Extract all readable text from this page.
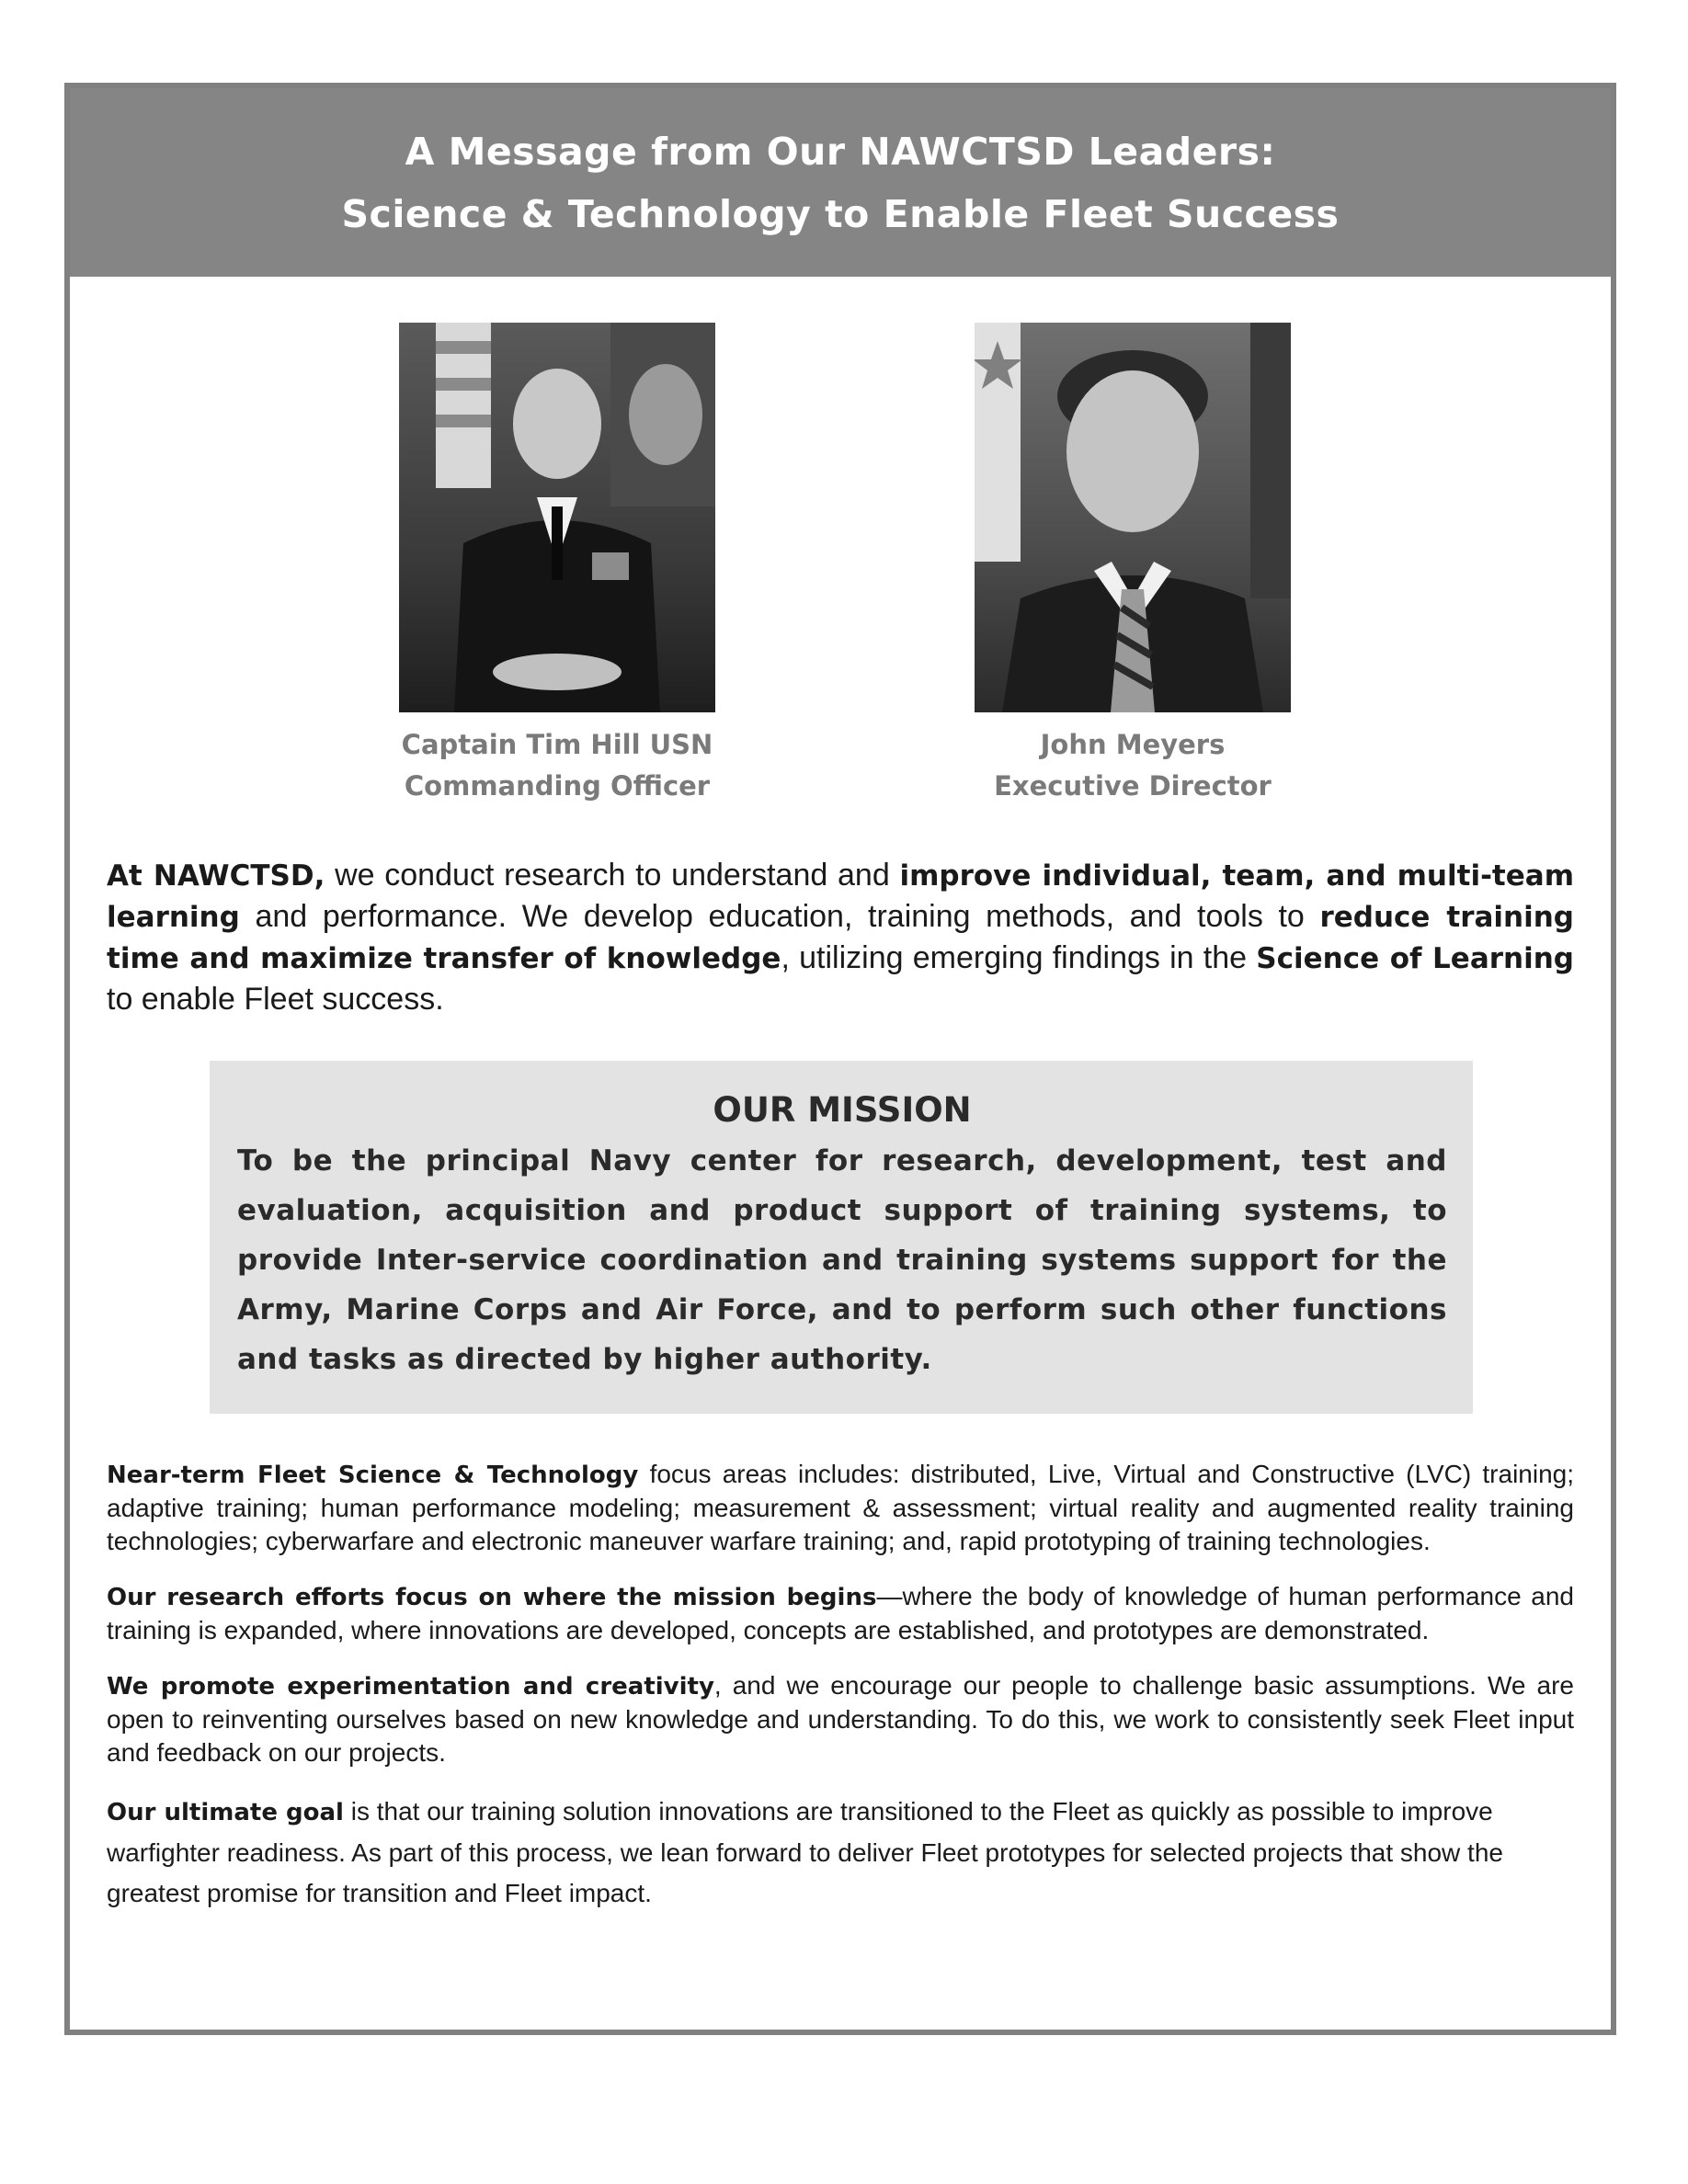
A Message from Our NAWCTSD Leaders:
Science & Technology to Enable Fleet Success
Captain Tim Hill USN
Commanding Officer
John Meyers
Executive Director
At NAWCTSD, we conduct research to understand and improve individual, team, and multi-team learning and performance. We develop education, training methods, and tools to reduce training time and maximize transfer of knowledge, utilizing emerging findings in the Science of Learning to enable Fleet success.
OUR MISSION

To be the principal Navy center for research, development, test and evaluation, acquisition and product support of training systems, to provide Inter-service coordination and training systems support for the Army, Marine Corps and Air Force, and to perform such other functions and tasks as directed by higher authority.

Near-term Fleet Science & Technology focus areas includes: distributed, Live, Virtual and Constructive (LVC) training; adaptive training; human performance modeling; measurement & assessment; virtual reality and augmented reality training technologies; cyberwarfare and electronic maneuver warfare training; and, rapid prototyping of training technologies.

Our research efforts focus on where the mission begins—where the body of knowledge of human performance and training is expanded, where innovations are developed, concepts are established, and prototypes are demonstrated.

We promote experimentation and creativity, and we encourage our people to challenge basic assumptions. We are open to reinventing ourselves based on new knowledge and understanding. To do this, we work to consistently seek Fleet input and feedback on our projects.

Our ultimate goal is that our training solution innovations are transitioned to the Fleet as quickly as possible to improve warfighter readiness. As part of this process, we lean forward to deliver Fleet prototypes for selected projects that show the greatest promise for transition and Fleet impact.
